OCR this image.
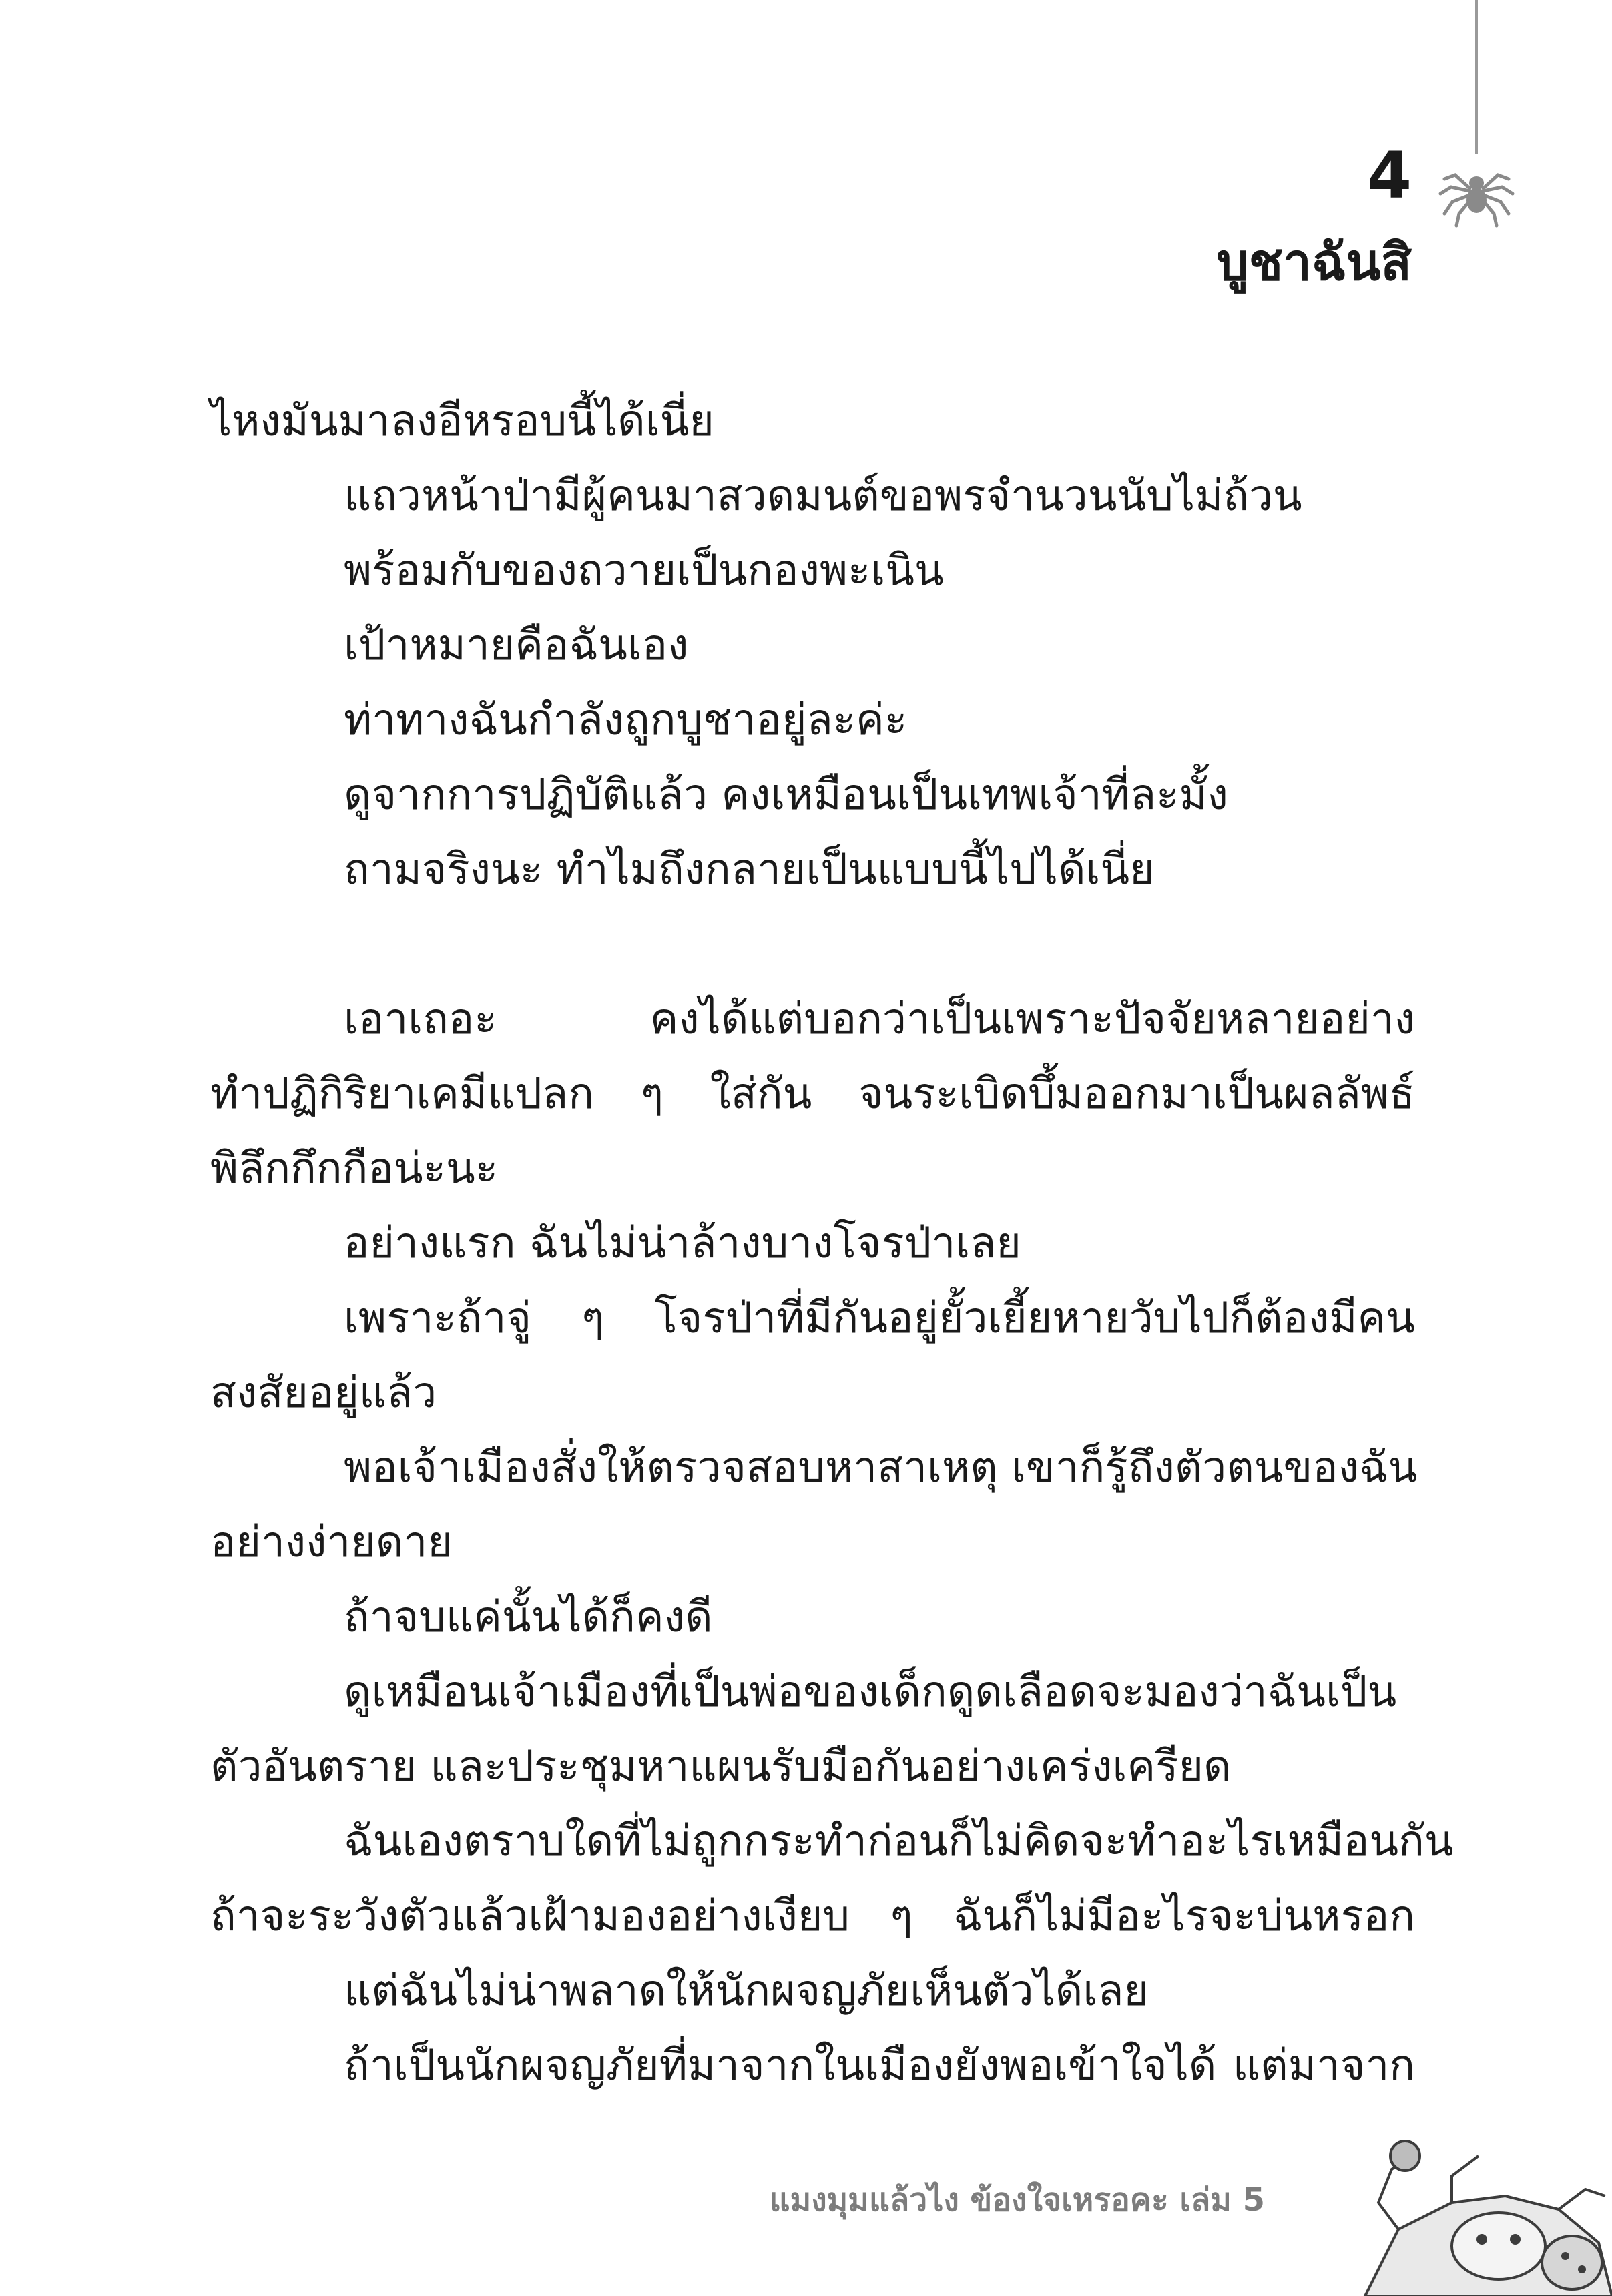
4
บูชาฉันสิ
ไหงมันมาลงอีหรอบนี้ได้เนี่ย
แถวหน้าป่ามีผู้คนมาสวดมนต์ขอพรจำนวนนับไม่ถ้วน
พร้อมกับของถวายเป็นกองพะเนิน
เป้าหมายคือฉันเอง
ท่าทางฉันกำลังถูกบูชาอยู่ละค่ะ
ดูจากการปฏิบัติแล้ว คงเหมือนเป็นเทพเจ้าที่ละมั้ง
ถามจริงนะ ทำไมถึงกลายเป็นแบบนี้ไปได้เนี่ย
เอาเถอะ คงได้แต่บอกว่าเป็นเพราะปัจจัยหลายอย่าง
ทำปฏิกิริยาเคมีแปลก ๆ ใส่กัน จนระเบิดบึ้มออกมาเป็นผลลัพธ์
พิลึกกึกกือน่ะนะ
อย่างแรก ฉันไม่น่าล้างบางโจรป่าเลย
เพราะถ้าจู่ ๆ โจรป่าที่มีกันอยู่ยั้วเยี้ยหายวับไปก็ต้องมีคน
สงสัยอยู่แล้ว
พอเจ้าเมืองสั่งให้ตรวจสอบหาสาเหตุ เขาก็รู้ถึงตัวตนของฉัน
อย่างง่ายดาย
ถ้าจบแค่นั้นได้ก็คงดี
ดูเหมือนเจ้าเมืองที่เป็นพ่อของเด็กดูดเลือดจะมองว่าฉันเป็น
ตัวอันตราย และประชุมหาแผนรับมือกันอย่างเคร่งเครียด
ฉันเองตราบใดที่ไม่ถูกกระทำก่อนก็ไม่คิดจะทำอะไรเหมือนกัน
ถ้าจะระวังตัวแล้วเฝ้ามองอย่างเงียบ ๆ ฉันก็ไม่มีอะไรจะบ่นหรอก
แต่ฉันไม่น่าพลาดให้นักผจญภัยเห็นตัวได้เลย
ถ้าเป็นนักผจญภัยที่มาจากในเมืองยังพอเข้าใจได้ แต่มาจาก
แมงมุมแล้วไง ข้องใจเหรอคะ เล่ม 5
